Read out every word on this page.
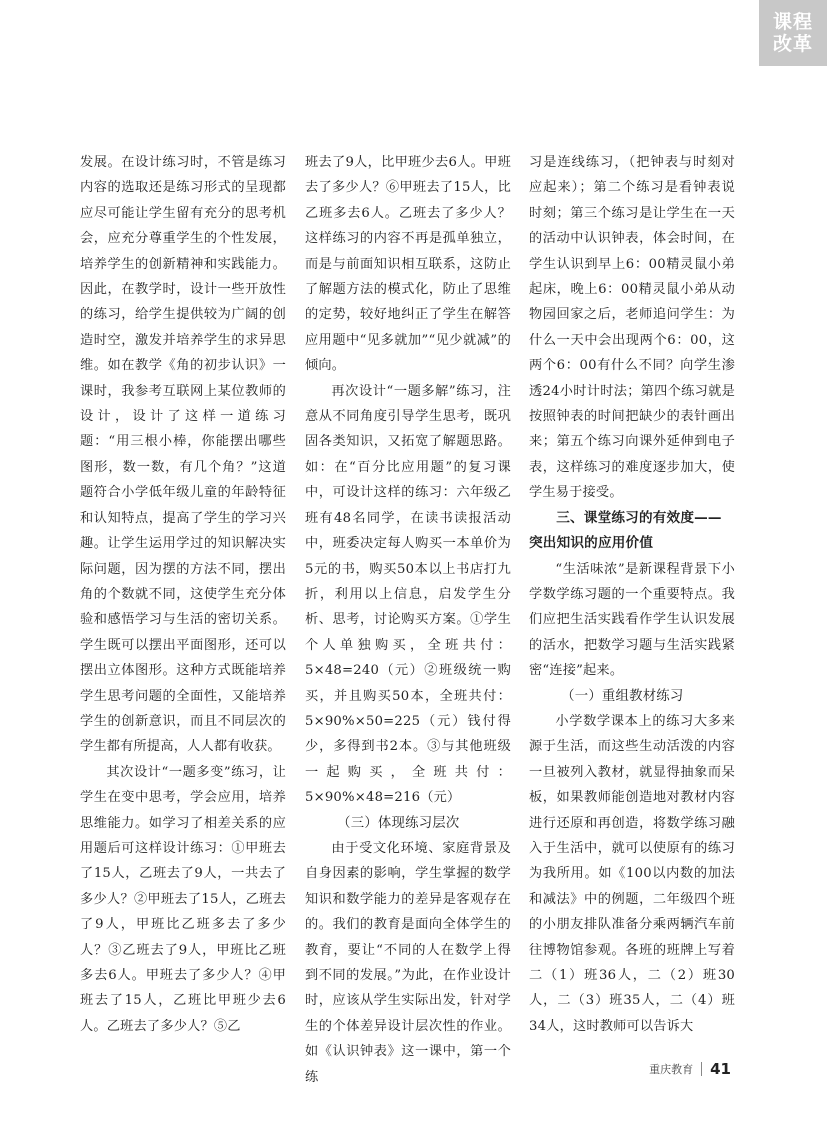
课程
改革

发展。在设计练习时，不管是练习内容的选取还是练习形式的呈现都应尽可能让学生留有充分的思考机会，应充分尊重学生的个性发展，培养学生的创新精神和实践能力。因此，在教学时，设计一些开放性的练习，给学生提供较为广阔的创造时空，激发并培养学生的求异思维。如在教学《角的初步认识》一课时，我参考互联网上某位教师的设计，设计了这样一道练习题：“用三根小棒，你能摆出哪些图形，数一数，有几个角？”这道题符合小学低年级儿童的年龄特征和认知特点，提高了学生的学习兴趣。让学生运用学过的知识解决实际问题，因为摆的方法不同，摆出角的个数就不同，这使学生充分体验和感悟学习与生活的密切关系。学生既可以摆出平面图形，还可以摆出立体图形。这种方式既能培养学生思考问题的全面性，又能培养学生的创新意识，而且不同层次的学生都有所提高，人人都有收获。

其次设计“一题多变”练习，让学生在变中思考，学会应用，培养思维能力。如学习了相差关系的应用题后可这样设计练习：①甲班去了15人，乙班去了9人，一共去了多少人？②甲班去了15人，乙班去了9人，甲班比乙班多去了多少人？③乙班去了9人，甲班比乙班多去6人。甲班去了多少人？④甲班去了15人，乙班比甲班少去6人。乙班去了多少人？⑤乙

班去了9人，比甲班少去6人。甲班去了多少人？⑥甲班去了15人，比乙班多去6人。乙班去了多少人？这样练习的内容不再是孤单独立，而是与前面知识相互联系，这防止了解题方法的模式化，防止了思维的定势，较好地纠正了学生在解答应用题中“见多就加”“见少就减”的倾向。

再次设计“一题多解”练习，注意从不同角度引导学生思考，既巩固各类知识，又拓宽了解题思路。如：在“百分比应用题”的复习课中，可设计这样的练习：六年级乙班有48名同学，在读书读报活动中，班委决定每人购买一本单价为5元的书，购买50本以上书店打九折，利用以上信息，启发学生分析、思考，讨论购买方案。①学生个人单独购买，全班共付：5×48=240（元）②班级统一购买，并且购买50本，全班共付：5×90%×50=225（元）钱付得少，多得到书2本。③与其他班级一起购买，全班共付：5×90%×48=216（元）

（三）体现练习层次

由于受文化环境、家庭背景及自身因素的影响，学生掌握的数学知识和数学能力的差异是客观存在的。我们的教育是面向全体学生的教育，要让“不同的人在数学上得到不同的发展。”为此，在作业设计时，应该从学生实际出发，针对学生的个体差异设计层次性的作业。如《认识钟表》这一课中，第一个练

习是连线练习，（把钟表与时刻对应起来）；第二个练习是看钟表说时刻；第三个练习是让学生在一天的活动中认识钟表，体会时间，在学生认识到早上6：00精灵鼠小弟起床，晚上6：00精灵鼠小弟从动物园回家之后，老师追问学生：为什么一天中会出现两个6：00，这两个6：00有什么不同？向学生渗透24小时计时法；第四个练习就是按照钟表的时间把缺少的表针画出来；第五个练习向课外延伸到电子表，这样练习的难度逐步加大，使学生易于接受。

三、课堂练习的有效度——
突出知识的应用价值

“生活味浓”是新课程背景下小学数学练习题的一个重要特点。我们应把生活实践看作学生认识发展的活水，把数学习题与生活实践紧密“连接”起来。

（一）重组教材练习

小学数学课本上的练习大多来源于生活，而这些生动活泼的内容一旦被列入教材，就显得抽象而呆板，如果教师能创造地对教材内容进行还原和再创造，将数学练习融入于生活中，就可以使原有的练习为我所用。如《100以内数的加法和减法》中的例题，二年级四个班的小朋友排队准备分乘两辆汽车前往博物馆参观。各班的班牌上写着二（1）班36人，二（2）班30人，二（3）班35人，二（4）班34人，这时教师可以告诉大

重庆教育 41
